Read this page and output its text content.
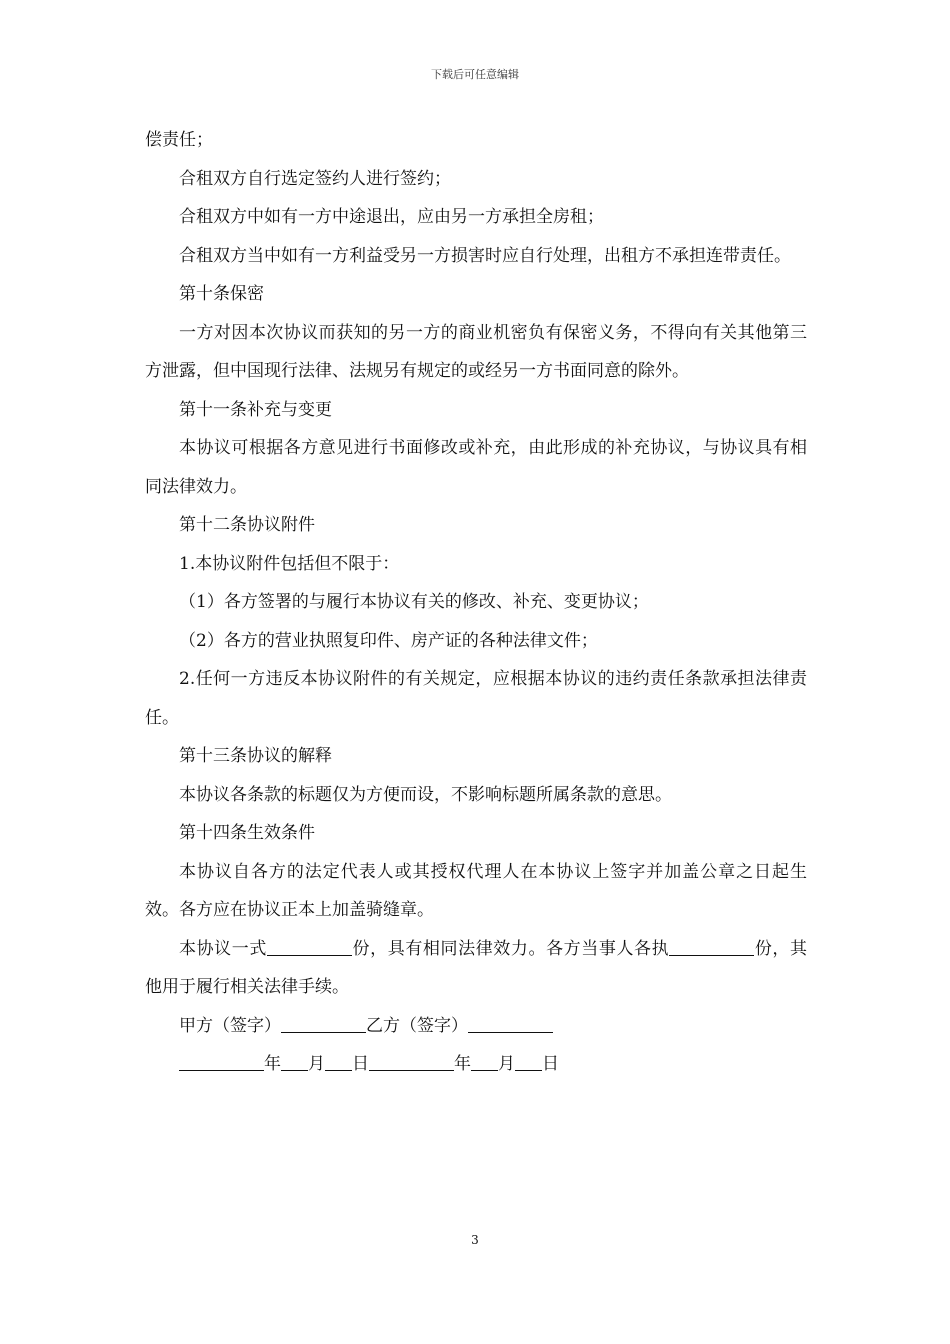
下载后可任意编辑

偿责任；

合租双方自行选定签约人进行签约；

合租双方中如有一方中途退出，应由另一方承担全房租；

合租双方当中如有一方利益受另一方损害时应自行处理，出租方不承担连带责任。

第十条保密

一方对因本次协议而获知的另一方的商业机密负有保密义务，不得向有关其他第三方泄露，但中国现行法律、法规另有规定的或经另一方书面同意的除外。

第十一条补充与变更

本协议可根据各方意见进行书面修改或补充，由此形成的补充协议，与协议具有相同法律效力。

第十二条协议附件

1.本协议附件包括但不限于：

（1）各方签署的与履行本协议有关的修改、补充、变更协议；

（2）各方的营业执照复印件、房产证的各种法律文件；

2.任何一方违反本协议附件的有关规定，应根据本协议的违约责任条款承担法律责任。

第十三条协议的解释

本协议各条款的标题仅为方便而设，不影响标题所属条款的意思。

第十四条生效条件

本协议自各方的法定代表人或其授权代理人在本协议上签字并加盖公章之日起生效。各方应在协议正本上加盖骑缝章。

本协议一式	份，具有相同法律效力。各方当事人各执	份，其他用于履行相关法律手续。

甲方（签字）	乙方（签字）

年 月 日	年 月 日

3
